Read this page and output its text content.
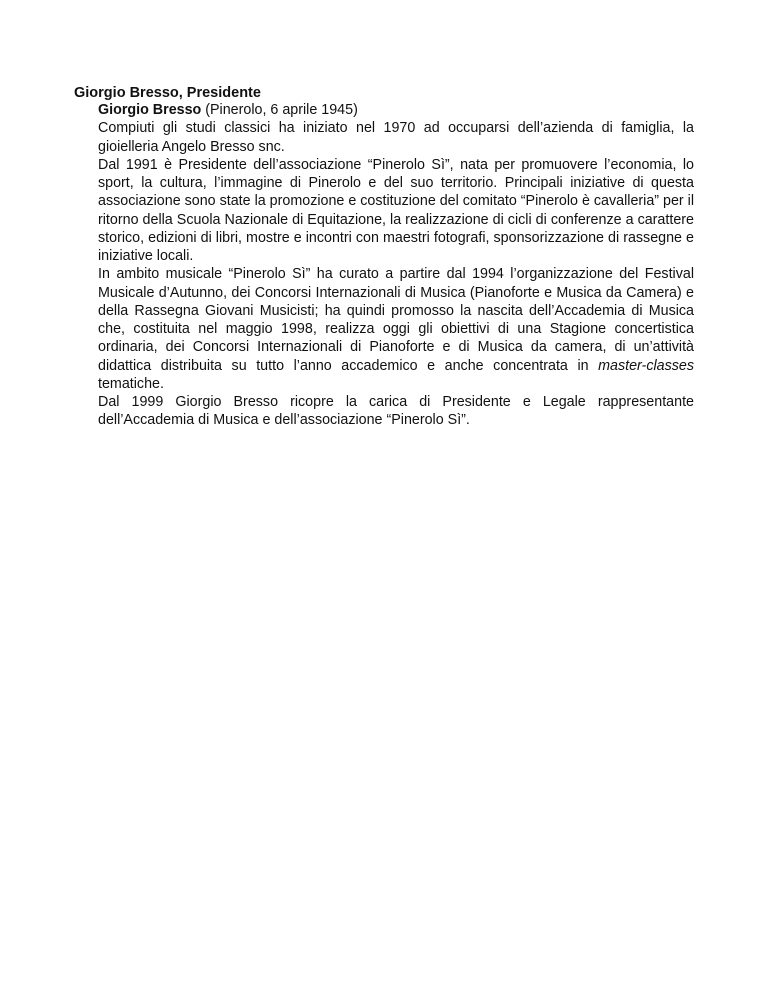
Giorgio Bresso, Presidente

Giorgio Bresso (Pinerolo, 6 aprile 1945)

Compiuti gli studi classici ha iniziato nel 1970 ad occuparsi dell’azienda di famiglia, la gioielleria Angelo Bresso snc.

Dal 1991 è Presidente dell’associazione “Pinerolo Sì”, nata per promuovere l’economia, lo sport, la cultura, l’immagine di Pinerolo e del suo territorio. Principali iniziative di questa associazione sono state la promozione e costituzione del comitato “Pinerolo è cavalleria” per il ritorno della Scuola Nazionale di Equitazione, la realizzazione di cicli di conferenze a carattere storico, edizioni di libri, mostre e incontri con maestri fotografi, sponsorizzazione di rassegne e iniziative locali.

In ambito musicale “Pinerolo Sì” ha curato a partire dal 1994 l’organizzazione del Festival Musicale d’Autunno, dei Concorsi Internazionali di Musica (Pianoforte e Musica da Camera) e della Rassegna Giovani Musicisti; ha quindi promosso la nascita dell’Accademia di Musica che, costituita nel maggio 1998, realizza oggi gli obiettivi di una Stagione concertistica ordinaria, dei Concorsi Internazionali di Pianoforte e di Musica da camera, di un’attività didattica distribuita su tutto l’anno accademico e anche concentrata in master-classes tematiche.

Dal 1999 Giorgio Bresso ricopre la carica di Presidente e Legale rappresentante dell’Accademia di Musica e dell’associazione “Pinerolo Sì”.
